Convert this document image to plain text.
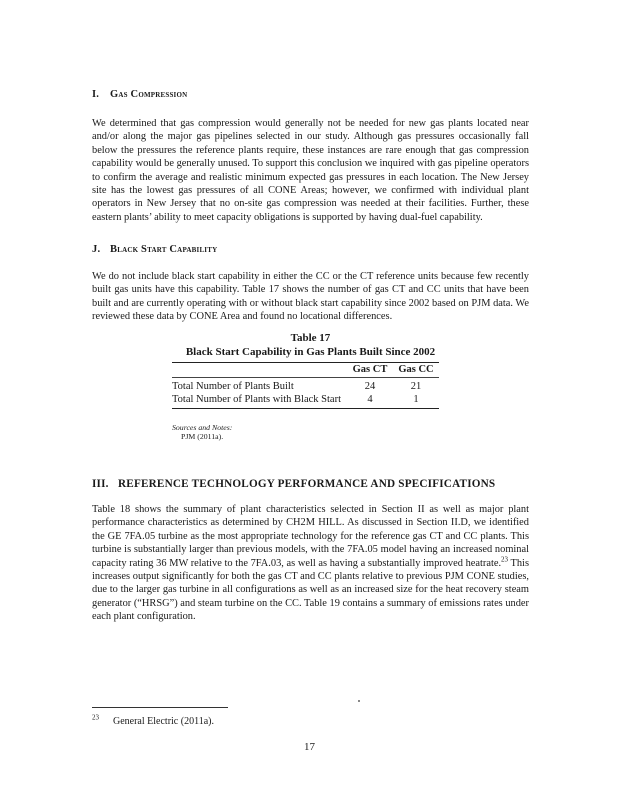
I. Gas Compression
We determined that gas compression would generally not be needed for new gas plants located near and/or along the major gas pipelines selected in our study. Although gas pressures occasionally fall below the pressures the reference plants require, these instances are rare enough that gas compression capability would be generally unused. To support this conclusion we inquired with gas pipeline operators to confirm the average and realistic minimum expected gas pressures in each location. The New Jersey site has the lowest gas pressures of all CONE Areas; however, we confirmed with individual plant operators in New Jersey that no on-site gas compression was needed at their facilities. Further, these eastern plants’ ability to meet capacity obligations is supported by having dual-fuel capability.
J. Black Start Capability
We do not include black start capability in either the CC or the CT reference units because few recently built gas units have this capability. Table 17 shows the number of gas CT and CC units that have been built and are currently operating with or without black start capability since 2002 based on PJM data. We reviewed these data by CONE Area and found no locational differences.
Table 17
Black Start Capability in Gas Plants Built Since 2002
	Gas CT	Gas CC
Total Number of Plants Built	24	21
Total Number of Plants with Black Start	4	1
Sources and Notes:
PJM (2011a).
III. REFERENCE TECHNOLOGY PERFORMANCE AND SPECIFICATIONS
Table 18 shows the summary of plant characteristics selected in Section II as well as major plant performance characteristics as determined by CH2M HILL. As discussed in Section II.D, we identified the GE 7FA.05 turbine as the most appropriate technology for the reference gas CT and CC plants. This turbine is substantially larger than previous models, with the 7FA.05 model having an increased nominal capacity rating 36 MW relative to the 7FA.03, as well as having a substantially improved heatrate.$^{23}$ This increases output significantly for both the gas CT and CC plants relative to previous PJM CONE studies, due to the larger gas turbine in all configurations as well as an increased size for the heat recovery steam generator (“HRSG”) and steam turbine on the CC. Table 19 contains a summary of emissions rates under each plant configuration.
$^{23}$ General Electric (2011a).
17
